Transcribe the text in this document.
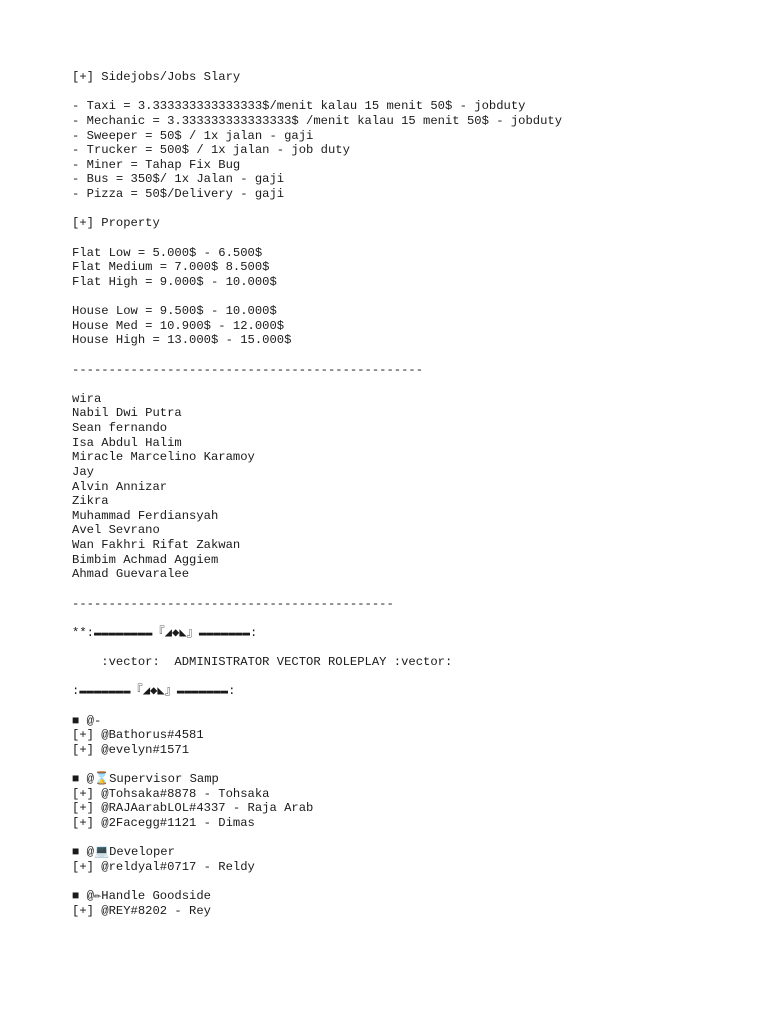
[+] Sidejobs/Jobs Slary
- Taxi = 3.333333333333333$/menit kalau 15 menit 50$ - jobduty
- Mechanic = 3.333333333333333$ /menit kalau 15 menit 50$ - jobduty
- Sweeper = 50$ / 1x jalan - gaji
- Trucker = 500$ / 1x jalan - job duty
- Miner = Tahap Fix Bug
- Bus = 350$/ 1x Jalan - gaji
- Pizza = 50$/Delivery - gaji
[+] Property
Flat Low = 5.000$ - 6.500$
Flat Medium = 7.000$ 8.500$
Flat High = 9.000$ - 10.000$
House Low = 9.500$ - 10.000$
House Med = 10.900$ - 12.000$
House High = 13.000$ - 15.000$
------------------------------------------------
wira
Nabil Dwi Putra
Sean fernando
Isa Abdul Halim
Miracle Marcelino Karamoy
Jay
Alvin Annizar
Zikra
Muhammad Ferdiansyah
Avel Sevrano
Wan Fakhri Rifat Zakwan
Bimbim Achmad Aggiem
Ahmad Guevaralee
--------------------------------------------
**:▬▬▬▬▬▬▬▬『◢◆◣』▬▬▬▬▬▬▬:
:vector:  ADMINISTRATOR VECTOR ROLEPLAY :vector:
:▬▬▬▬▬▬▬『◢◆◣』▬▬▬▬▬▬▬:
■ @-
[+] @Bathorus#4581
[+] @evelyn#1571
■ @⌛Supervisor Samp
[+] @Tohsaka#8878 - Tohsaka
[+] @RAJAarabLOL#4337 - Raja Arab
[+] @2Facegg#1121 - Dimas
■ @💻Developer
[+] @reldyal#0717 - Reldy
■ @✏Handle Goodside
[+] @REY#8202 - Rey
